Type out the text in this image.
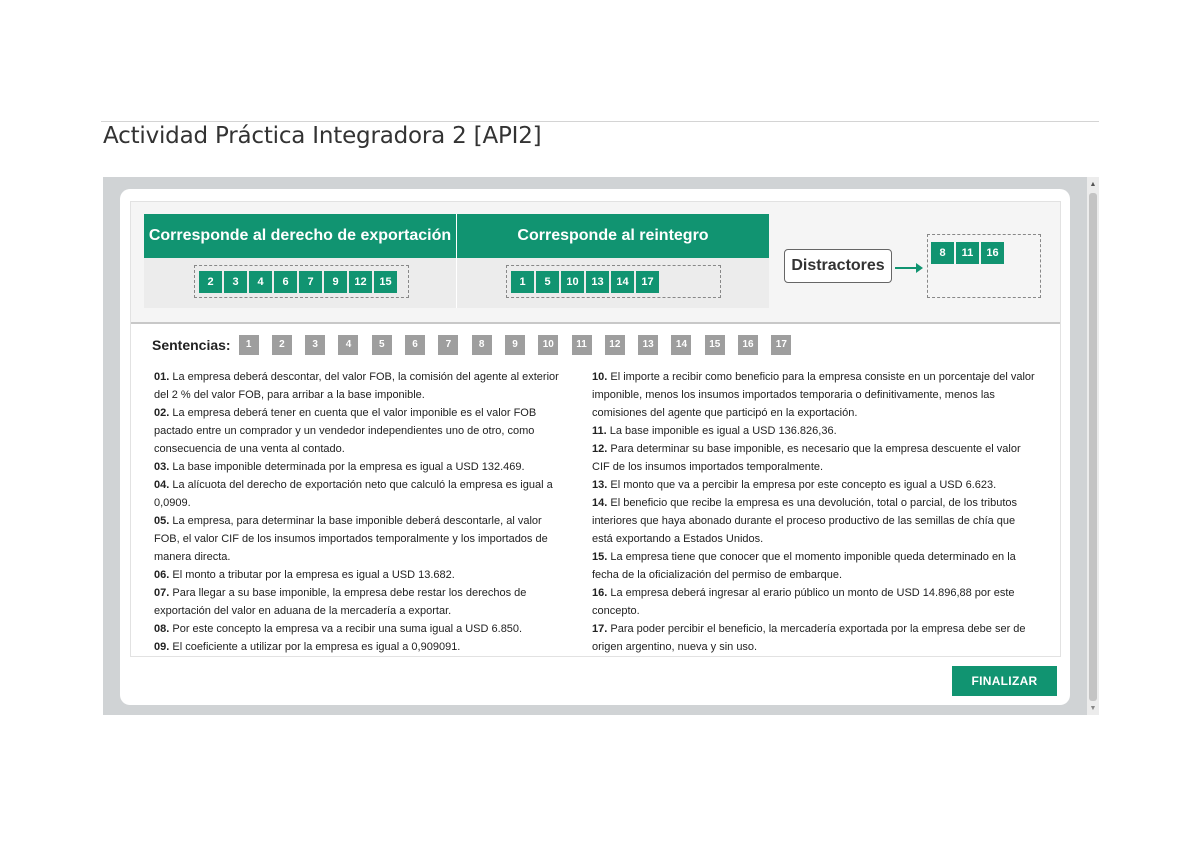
Actividad Práctica Integradora 2 [API2]
▲
▼
Corresponde al derecho de exportación
2	3	4	6	7	9	12	15
Corresponde al reintegro
1	5	10	13	14	17
Distractores
8	11	16
Sentencias:	1	2	3	4	5	6	7	8	9	10	11	12	13	14	15	16	17

01. La empresa deberá descontar, del valor FOB, la comisión del agente al exterior del 2 % del valor FOB, para arribar a la base imponible.

02. La empresa deberá tener en cuenta que el valor imponible es el valor FOB pactado entre un comprador y un vendedor independientes uno de otro, como consecuencia de una venta al contado.

03. La base imponible determinada por la empresa es igual a USD 132.469.

04. La alícuota del derecho de exportación neto que calculó la empresa es igual a 0,0909.

05. La empresa, para determinar la base imponible deberá descontarle, al valor FOB, el valor CIF de los insumos importados temporalmente y los importados de manera directa.

06. El monto a tributar por la empresa es igual a USD 13.682.

07. Para llegar a su base imponible, la empresa debe restar los derechos de exportación del valor en aduana de la mercadería a exportar.

08. Por este concepto la empresa va a recibir una suma igual a USD 6.850.

09. El coeficiente a utilizar por la empresa es igual a 0,909091.

10. El importe a recibir como beneficio para la empresa consiste en un porcentaje del valor imponible, menos los insumos importados temporaria o definitivamente, menos las comisiones del agente que participó en la exportación.

11. La base imponible es igual a USD 136.826,36.

12. Para determinar su base imponible, es necesario que la empresa descuente el valor CIF de los insumos importados temporalmente.

13. El monto que va a percibir la empresa por este concepto es igual a USD 6.623.

14. El beneficio que recibe la empresa es una devolución, total o parcial, de los tributos interiores que haya abonado durante el proceso productivo de las semillas de chía que está exportando a Estados Unidos.

15. La empresa tiene que conocer que el momento imponible queda determinado en la fecha de la oficialización del permiso de embarque.

16. La empresa deberá ingresar al erario público un monto de USD 14.896,88 por este concepto.

17. Para poder percibir el beneficio, la mercadería exportada por la empresa debe ser de origen argentino, nueva y sin uso.

FINALIZAR
